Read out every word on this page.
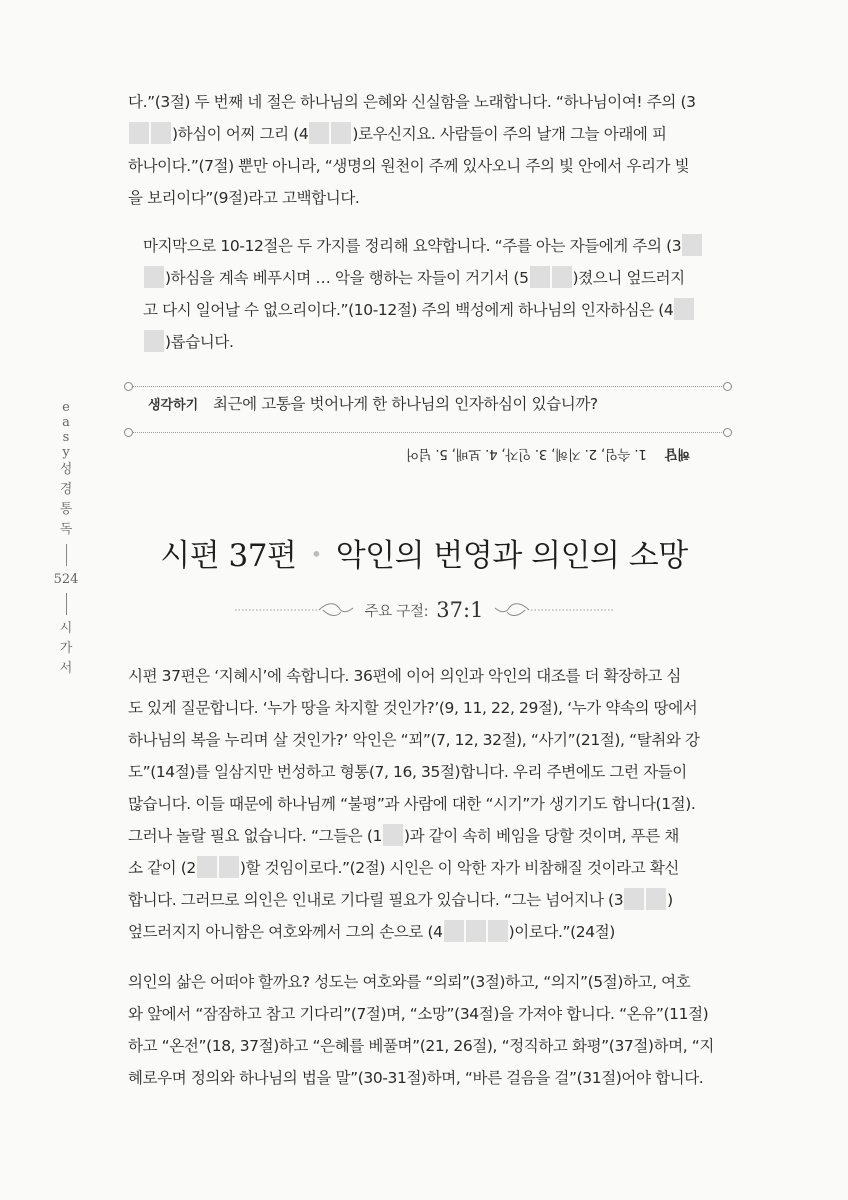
다.”(3절) 두 번째 네 절은 하나님의 은혜와 신실함을 노래합니다. “하나님이여! 주의 (3
)하심이 어찌 그리 (4	)로우신지요. 사람들이 주의 날개 그늘 아래에 피
하나이다.”(7절) 뿐만 아니라, “생명의 원천이 주께 있사오니 주의 빛 안에서 우리가 빛
을 보리이다”(9절)라고 고백합니다.
마지막으로 10-12절은 두 가지를 정리해 요약합니다. “주를 아는 자들에게 주의 (3
)하심을 계속 베푸시며 … 악을 행하는 자들이 거기서 (5	)졌으니 엎드러지
고 다시 일어날 수 없으리이다.”(10-12절) 주의 백성에게 하나님의 인자하심은 (4
)롭습니다.
생각하기 최근에 고통을 벗어나게 한 하나님의 인자하심이 있습니까?
해답
1. 속임, 2. 지혜, 3. 인자, 4. 보배, 5. 넘어
e
a
s
y
성
경
통
독
524
시
가
서
시편 37편 • 악인의 번영과 의인의 소망
주요 구절: 37:1
시편 37편은 ‘지혜시’에 속합니다. 36편에 이어 의인과 악인의 대조를 더 확장하고 심
도 있게 질문합니다. ‘누가 땅을 차지할 것인가?’(9, 11, 22, 29절), ‘누가 약속의 땅에서
하나님의 복을 누리며 살 것인가?’ 악인은 “꾀”(7, 12, 32절), “사기”(21절), “탈취와 강
도”(14절)를 일삼지만 번성하고 형통(7, 16, 35절)합니다. 우리 주변에도 그런 자들이
많습니다. 이들 때문에 하나님께 “불평”과 사람에 대한 “시기”가 생기기도 합니다(1절).
그러나 놀랄 필요 없습니다. “그들은 (1 )과 같이 속히 베임을 당할 것이며, 푸른 채
소 같이 (2	)할 것임이로다.”(2절) 시인은 이 악한 자가 비참해질 것이라고 확신
합니다. 그러므로 의인은 인내로 기다릴 필요가 있습니다. “그는 넘어지나 (3	)
엎드러지지 아니함은 여호와께서 그의 손으로 (4	)이로다.”(24절)
의인의 삶은 어떠야 할까요? 성도는 여호와를 “의뢰”(3절)하고, “의지”(5절)하고, 여호
와 앞에서 “잠잠하고 참고 기다리”(7절)며, “소망”(34절)을 가져야 합니다. “온유”(11절)
하고 “온전”(18, 37절)하고 “은혜를 베풀며”(21, 26절), “정직하고 화평”(37절)하며, “지
혜로우며 정의와 하나님의 법을 말”(30-31절)하며, “바른 걸음을 걸”(31절)어야 합니다.
